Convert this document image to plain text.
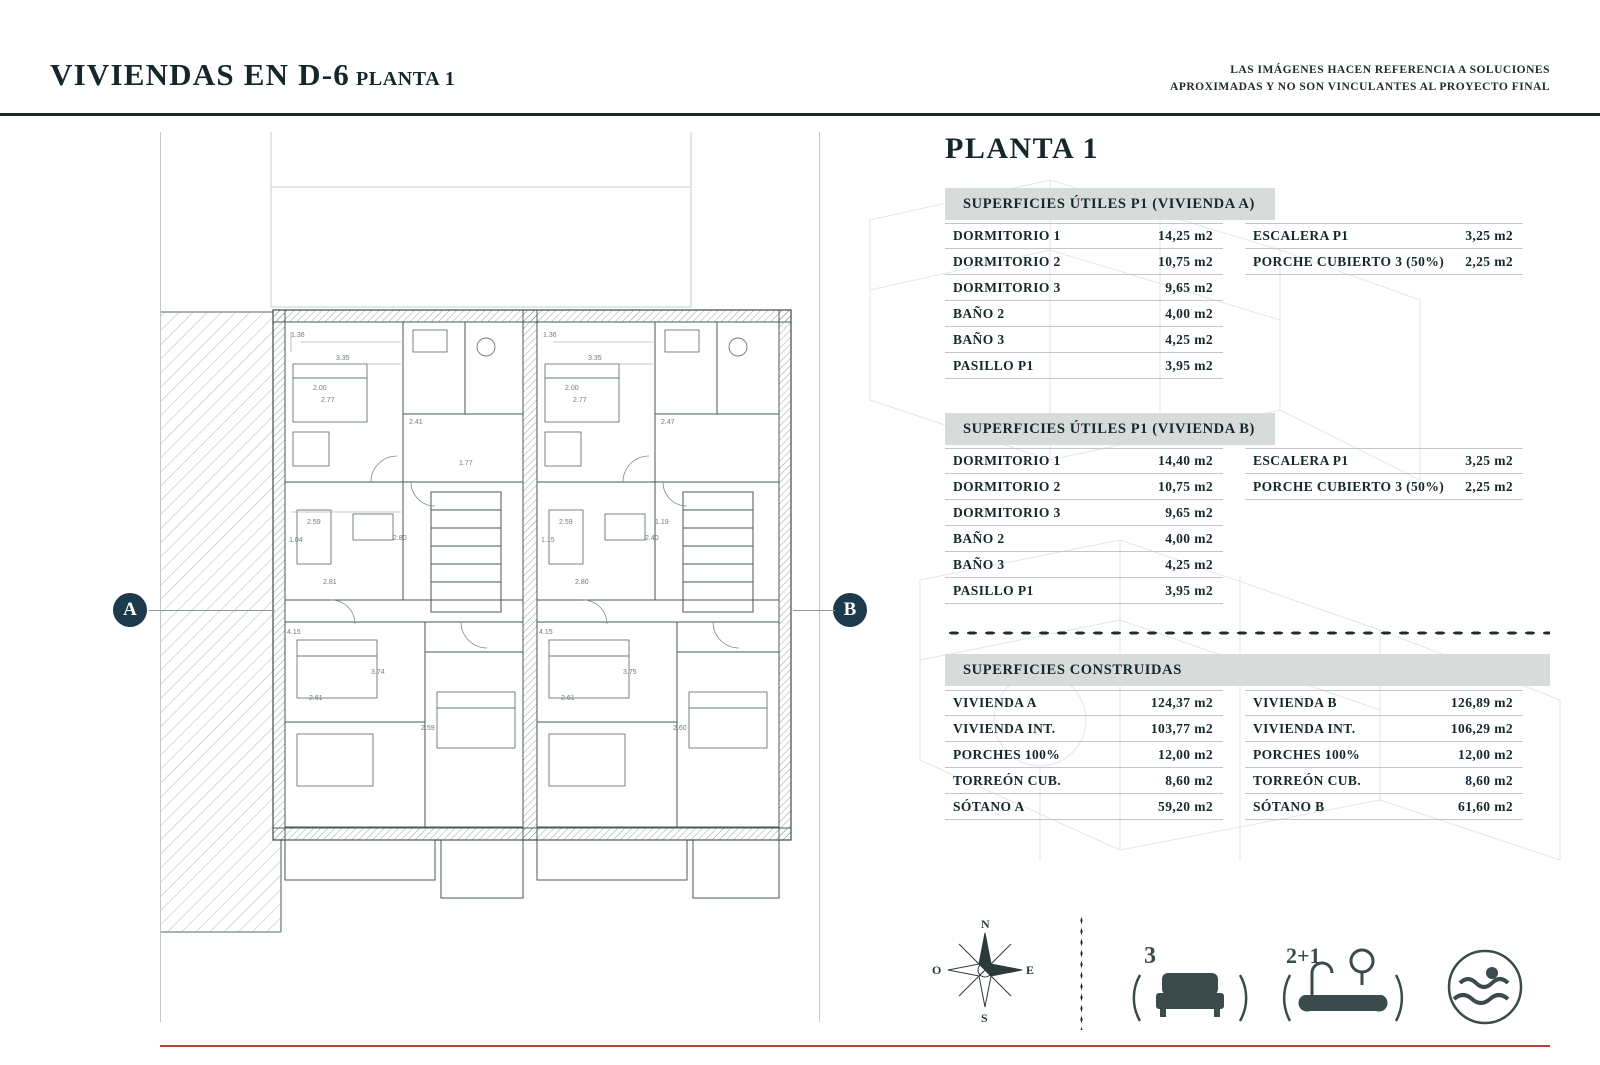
VIVIENDAS EN D-6 PLANTA 1	LAS IMÁGENES HACEN REFERENCIA A SOLUCIONES
APROXIMADAS Y NO SON VINCULANTES AL PROYECTO FINAL
1.36
3.35
2.77
2.41
2.00
1.77
2.59
1.04	2.80
2.81
4.15
3.74
2.61
2.59
1.36
3.35
2.77
2.47
2.00
2.59
1.15
1.19
2.40
2.80
4.15
3.75
2.61
2.60
A	B
PLANTA 1
SUPERFICIES ÚTILES P1 (VIVIENDA A)
DORMITORIO 1	14,25 m2
DORMITORIO 2	10,75 m2
DORMITORIO 3	9,65 m2
BAÑO 2	4,00 m2
BAÑO 3	4,25 m2
PASILLO P1	3,95 m2
ESCALERA P1	3,25 m2
PORCHE CUBIERTO 3 (50%) 2,25 m2
SUPERFICIES ÚTILES P1 (VIVIENDA B)
DORMITORIO 1	14,40 m2
DORMITORIO 2	10,75 m2
DORMITORIO 3	9,65 m2
BAÑO 2	4,00 m2
BAÑO 3	4,25 m2
PASILLO P1	3,95 m2
ESCALERA P1	3,25 m2
PORCHE CUBIERTO 3 (50%) 2,25 m2
SUPERFICIES CONSTRUIDAS
VIVIENDA A	124,37 m2
VIVIENDA INT.	103,77 m2
PORCHES 100%	12,00 m2
TORREÓN CUB.	8,60 m2
SÓTANO A	59,20 m2
VIVIENDA B	126,89 m2
VIVIENDA INT.	106,29 m2
PORCHES 100%	12,00 m2
TORREÓN CUB.	8,60 m2
SÓTANO B	61,60 m2
N
S
E
O
3	2+1
